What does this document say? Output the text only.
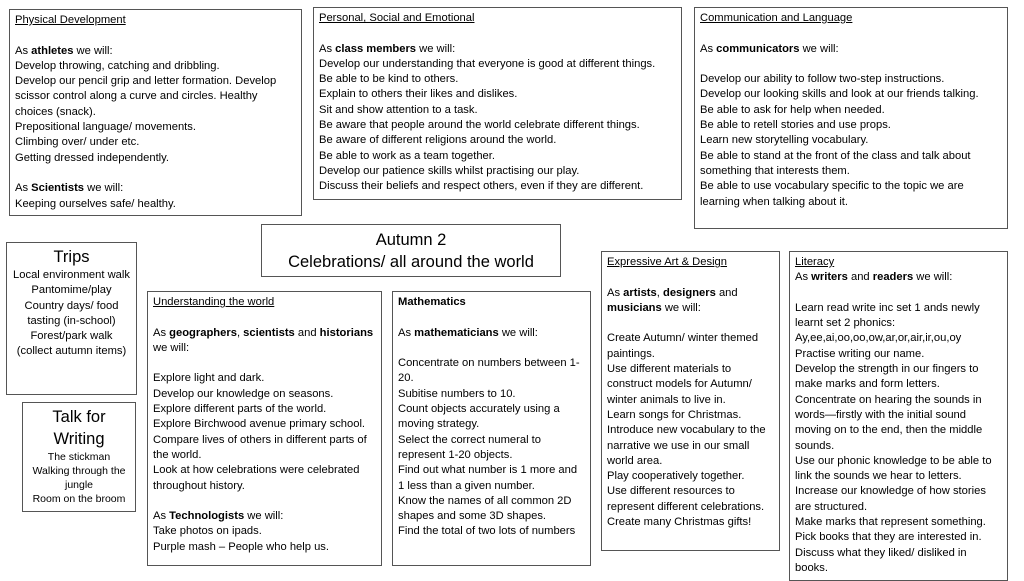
Physical Development

As athletes we will:

Develop throwing, catching and dribbling.

Develop our pencil grip and letter formation. Develop scissor control along a curve and circles. Healthy choices (snack).

Prepositional language/ movements.

Climbing over/ under etc.

Getting dressed independently.

As Scientists we will:

Keeping ourselves safe/ healthy.

Personal, Social and Emotional

As class members we will:

Develop our understanding that everyone is good at different things.

Be able to be kind to others.

Explain to others their likes and dislikes.

Sit and show attention to a task.

Be aware that people around the world celebrate different things.

Be aware of different religions around the world.

Be able to work as a team together.

Develop our patience skills whilst practising our play.

Discuss their beliefs and respect others, even if they are different.

Communication and Language

As communicators we will:

Develop our ability to follow two-step instructions.

Develop our looking skills and look at our friends talking.

Be able to ask for help when needed.

Be able to retell stories and use props.

Learn new storytelling vocabulary.

Be able to stand at the front of the class and talk about something that interests them.

Be able to use vocabulary specific to the topic we are learning when talking about it.

Autumn 2

Celebrations/ all around the world

Trips

Local environment walk

Pantomime/play

Country days/ food tasting (in-school)

Forest/park walk (collect autumn items)

Talk for Writing

The stickman

Walking through the jungle

Room on the broom

Understanding the world

As geographers, scientists and historians we will:

Explore light and dark.

Develop our knowledge on seasons.

Explore different parts of the world.

Explore Birchwood avenue primary school.

Compare lives of others in different parts of the world.

Look at how celebrations were celebrated throughout history.

As Technologists we will:

Take photos on ipads.

Purple mash – People who help us.

Mathematics

As mathematicians we will:

Concentrate on numbers between 1-20.

Subitise numbers to 10.

Count objects accurately using a moving strategy.

Select the correct numeral to represent 1-20 objects.

Find out what number is 1 more and 1 less than a given number.

Know the names of all common 2D shapes and some 3D shapes.

Find the total of two lots of numbers

Expressive Art & Design

As artists, designers and musicians we will:

Create Autumn/ winter themed paintings.

Use different materials to construct models for Autumn/ winter animals to live in.

Learn songs for Christmas.

Introduce new vocabulary to the narrative we use in our small world area.

Play cooperatively together.

Use different resources to represent different celebrations.

Create many Christmas gifts!

Literacy

As writers and readers we will:

Learn read write inc set 1 ands newly learnt set 2 phonics:

Ay,ee,ai,oo,oo,ow,ar,or,air,ir,ou,oy

Practise writing our name.

Develop the strength in our fingers to make marks and form letters.

Concentrate on hearing the sounds in words—firstly with the initial sound moving on to the end, then the middle sounds.

Use our phonic knowledge to be able to link the sounds we hear to letters.

Increase our knowledge of how stories are structured.

Make marks that represent something.

Pick books that they are interested in.

Discuss what they liked/ disliked in books.
